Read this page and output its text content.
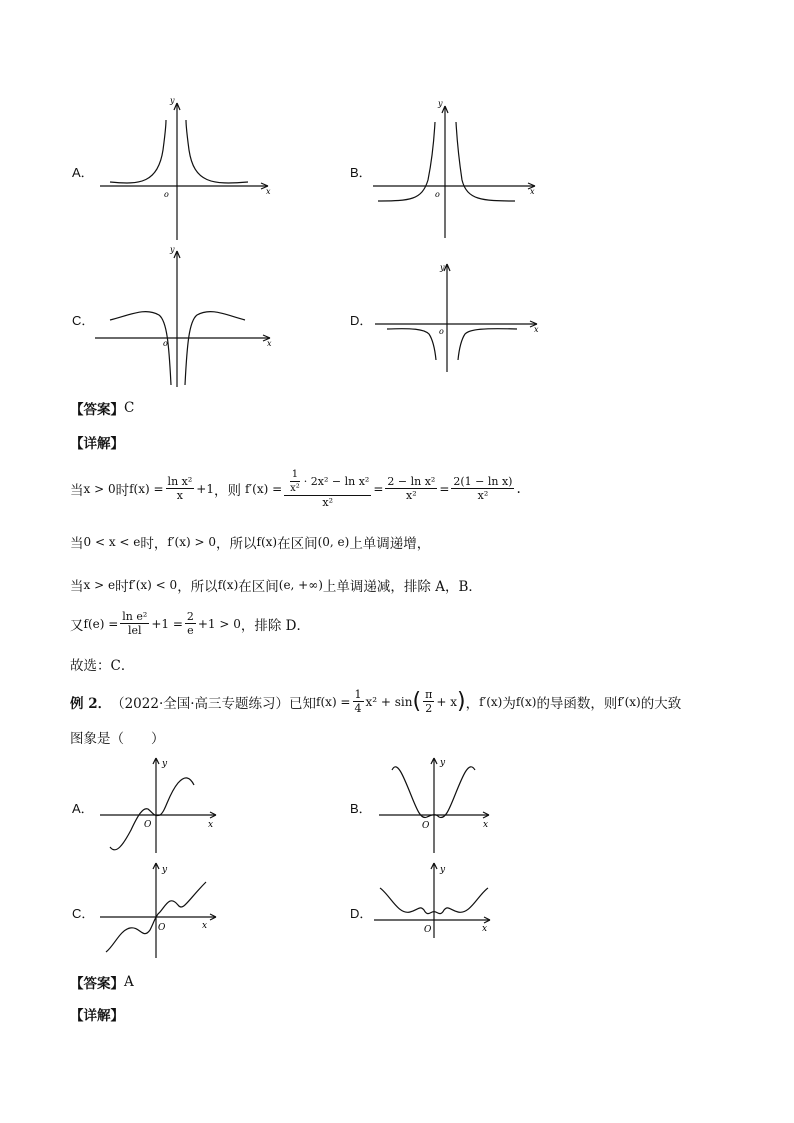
A．
y
x
o
B．
y
x
o
C．
y
x
o
D．
y
x
o
【答案】 C
【详解】
当 x > 0 时 $f(x) = \frac{\text{ln x²}}{x} +1$ ，则 $f'(x) = \frac{\frac{1}{\text{x²}} \cdot 2x^2 - \ln x^2}{\text{x²}} = \frac{\text{2 − ln x²}}{\text{x²}} = \frac{\text{2(1 − ln x)}}{\text{x²}}$ .
当 0 < x < e 时， f′(x) > 0 ，所以 f(x) 在区间 (0, e) 上单调递增，
当 x > e 时 f′(x) < 0 ，所以 f(x) 在区间 (e, +∞) 上单调递减，排除 A，B．
又 $f(e) = \frac{\text{ln e²}}{\text{lel}} +1 = \frac{2}{e} +1 > 0$ ，排除 D．
故选：C．
例 2． （2022·全国·高三专题练习）已知 $f(x) = \frac{1}{4} x^2 + \sin$ ( $\frac{\pi}{2} + x$ ) ， f′(x) 为 f(x) 的导函数，则 f′(x) 的大致
图象是（　　）
A．
y
x
O
B．
y
x
O
C．
y
x
O
D．
y
x
O
【答案】 A
【详解】
